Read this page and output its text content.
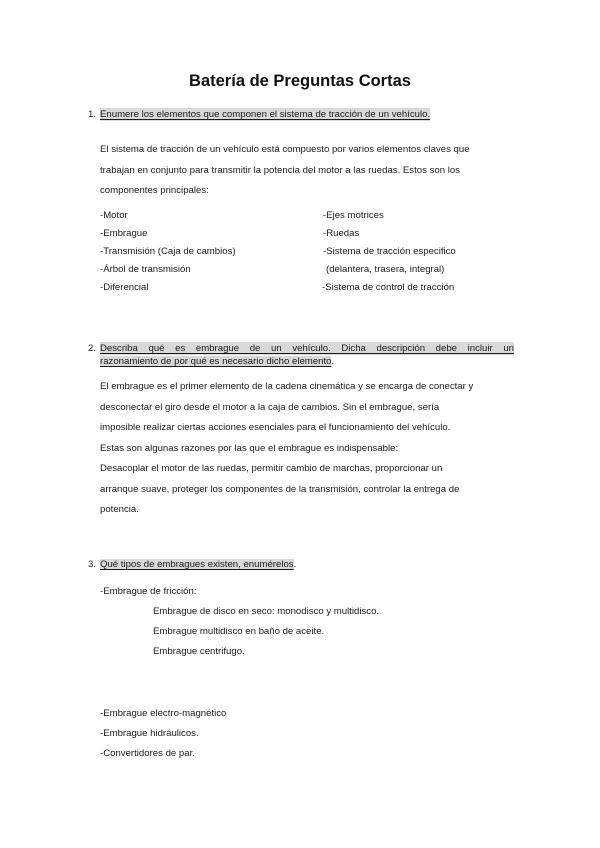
Batería de Preguntas Cortas
1. Enumere los elementos que componen el sistema de tracción de un vehículo.
El sistema de tracción de un vehículo está compuesto por varios elementos claves que
trabajan en conjunto para transmitir la potencia del motor a las ruedas. Estos son los
componentes principales:
-Motor
-Embrague
-Transmisión (Caja de cambios)
-Árbol de transmisión
-Diferencial
-Ejes motrices
-Ruedas
-Sistema de tracción especifico
(delantera, trasera, integral)
-Sistema de control de tracción
2. Describa qué es embrague de un vehículo. Dicha descripción debe incluir un
razonamiento de por qué es necesario dicho elemento.
El embrague es el primer elemento de la cadena cinemática y se encarga de conectar y
desconectar el giro desde el motor a la caja de cambios. Sin el embrague, sería
imposible realizar ciertas acciones esenciales para el funcionamiento del vehículo.
Estas son algunas razones por las que el embrague es indispensable:
Desacoplar el motor de las ruedas, permitir cambio de marchas, proporcionar un
arranque suave, proteger los componentes de la transmisión, controlar la entrega de
potencia.
3. Qué tipos de embragues existen, enumérelos.
-Embrague de fricción:
Embrague de disco en seco: monodisco y multidisco.
Embrague multidisco en baño de aceite.
Embrague centrifugo.
-Embrague electro-magnético
-Embrague hidráulicos.
-Convertidores de par.
